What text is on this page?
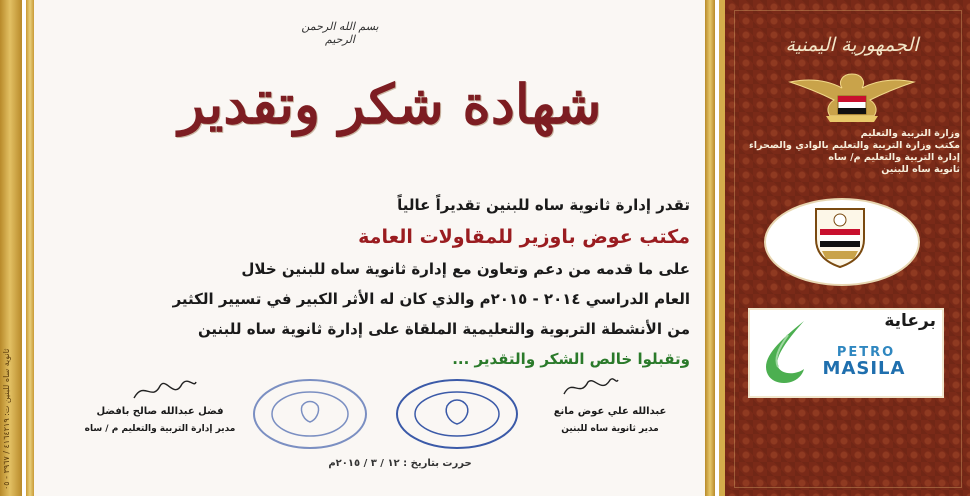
ثانوية ساه للبنين ت: ٤١٦٤٢١٩ / ٣٩٦٧ - ٠٥
الجمهورية اليمنية
وزارة التربية والتعليم
مكتب وزارة التربية والتعليم بالوادي والصحراء
إدارة التربية والتعليم م/ ساه
ثانوية ساه للبنين
برعاية
PETRO
MASILA
بسم الله الرحمن الرحيم
شهادة شكر وتقدير
تقدر إدارة ثانوية ساه للبنين تقديراً عالياً
مكتب عوض باوزير للمقاولات العامة
على ما قدمه من دعم وتعاون مع إدارة ثانوية ساه للبنين خلال
العام الدراسي ٢٠١٤ - ٢٠١٥م والذي كان له الأثر الكبير في تسيير الكثير
من الأنشطة التربوية والتعليمية الملقاة على إدارة ثانوية ساه للبنين
وتقبلوا خالص الشكر والتقدير ...
عبدالله علي عوض مانع
مدير ثانوية ساه للبنين
فضل عبدالله صالح بافضل
مدير إدارة التربية والتعليم م / ساه
حررت بتاريخ : ١٢ / ٣ / ٢٠١٥م
